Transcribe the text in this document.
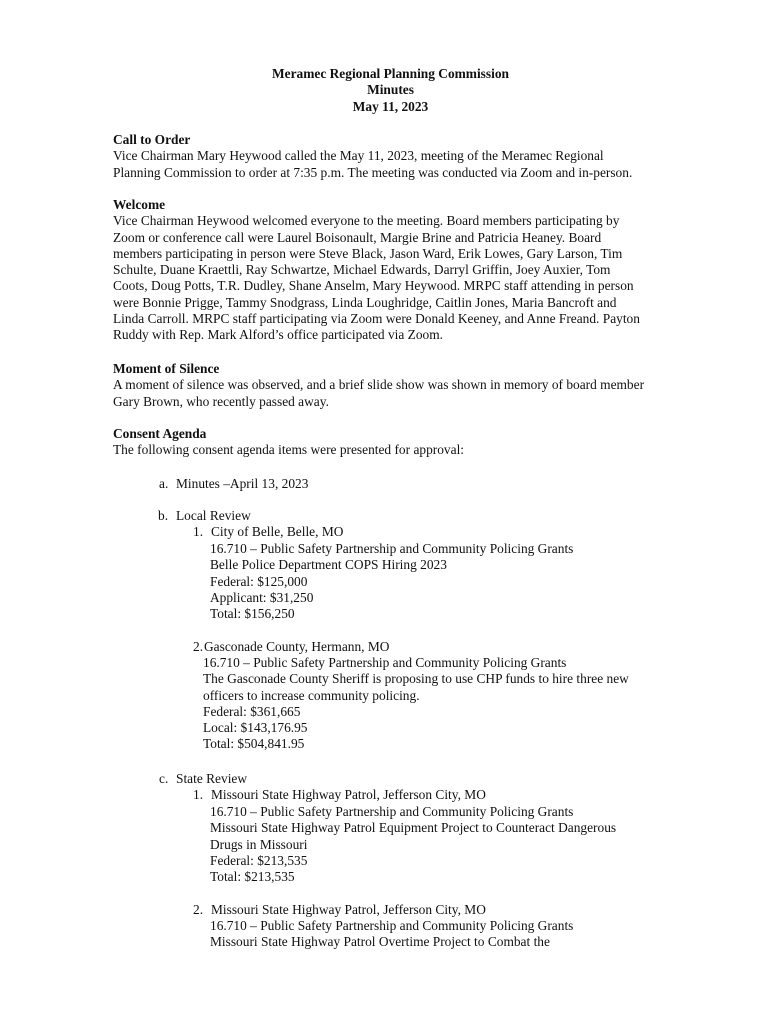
Meramec Regional Planning Commission
Minutes
May 11, 2023
Call to Order
Vice Chairman Mary Heywood called the May 11, 2023, meeting of the Meramec Regional
Planning Commission to order at 7:35 p.m. The meeting was conducted via Zoom and in-person.
Welcome
Vice Chairman Heywood welcomed everyone to the meeting. Board members participating by
Zoom or conference call were Laurel Boisonault, Margie Brine and Patricia Heaney. Board
members participating in person were Steve Black, Jason Ward, Erik Lowes, Gary Larson, Tim
Schulte, Duane Kraettli, Ray Schwartze, Michael Edwards, Darryl Griffin, Joey Auxier, Tom
Coots, Doug Potts, T.R. Dudley, Shane Anselm, Mary Heywood. MRPC staff attending in person
were Bonnie Prigge, Tammy Snodgrass, Linda Loughridge, Caitlin Jones, Maria Bancroft and
Linda Carroll. MRPC staff participating via Zoom were Donald Keeney, and Anne Freand. Payton
Ruddy with Rep. Mark Alford’s office participated via Zoom.
Moment of Silence
A moment of silence was observed, and a brief slide show was shown in memory of board member
Gary Brown, who recently passed away.
Consent Agenda
The following consent agenda items were presented for approval:
a. Minutes –April 13, 2023
b. Local Review
1. City of Belle, Belle, MO
16.710 – Public Safety Partnership and Community Policing Grants
Belle Police Department COPS Hiring 2023
Federal: $125,000
Applicant: $31,250
Total: $156,250
2. Gasconade County, Hermann, MO
16.710 – Public Safety Partnership and Community Policing Grants
The Gasconade County Sheriff is proposing to use CHP funds to hire three new
officers to increase community policing.
Federal: $361,665
Local: $143,176.95
Total: $504,841.95
c. State Review
1. Missouri State Highway Patrol, Jefferson City, MO
16.710 – Public Safety Partnership and Community Policing Grants
Missouri State Highway Patrol Equipment Project to Counteract Dangerous
Drugs in Missouri
Federal: $213,535
Total: $213,535
2. Missouri State Highway Patrol, Jefferson City, MO
16.710 – Public Safety Partnership and Community Policing Grants
Missouri State Highway Patrol Overtime Project to Combat the
